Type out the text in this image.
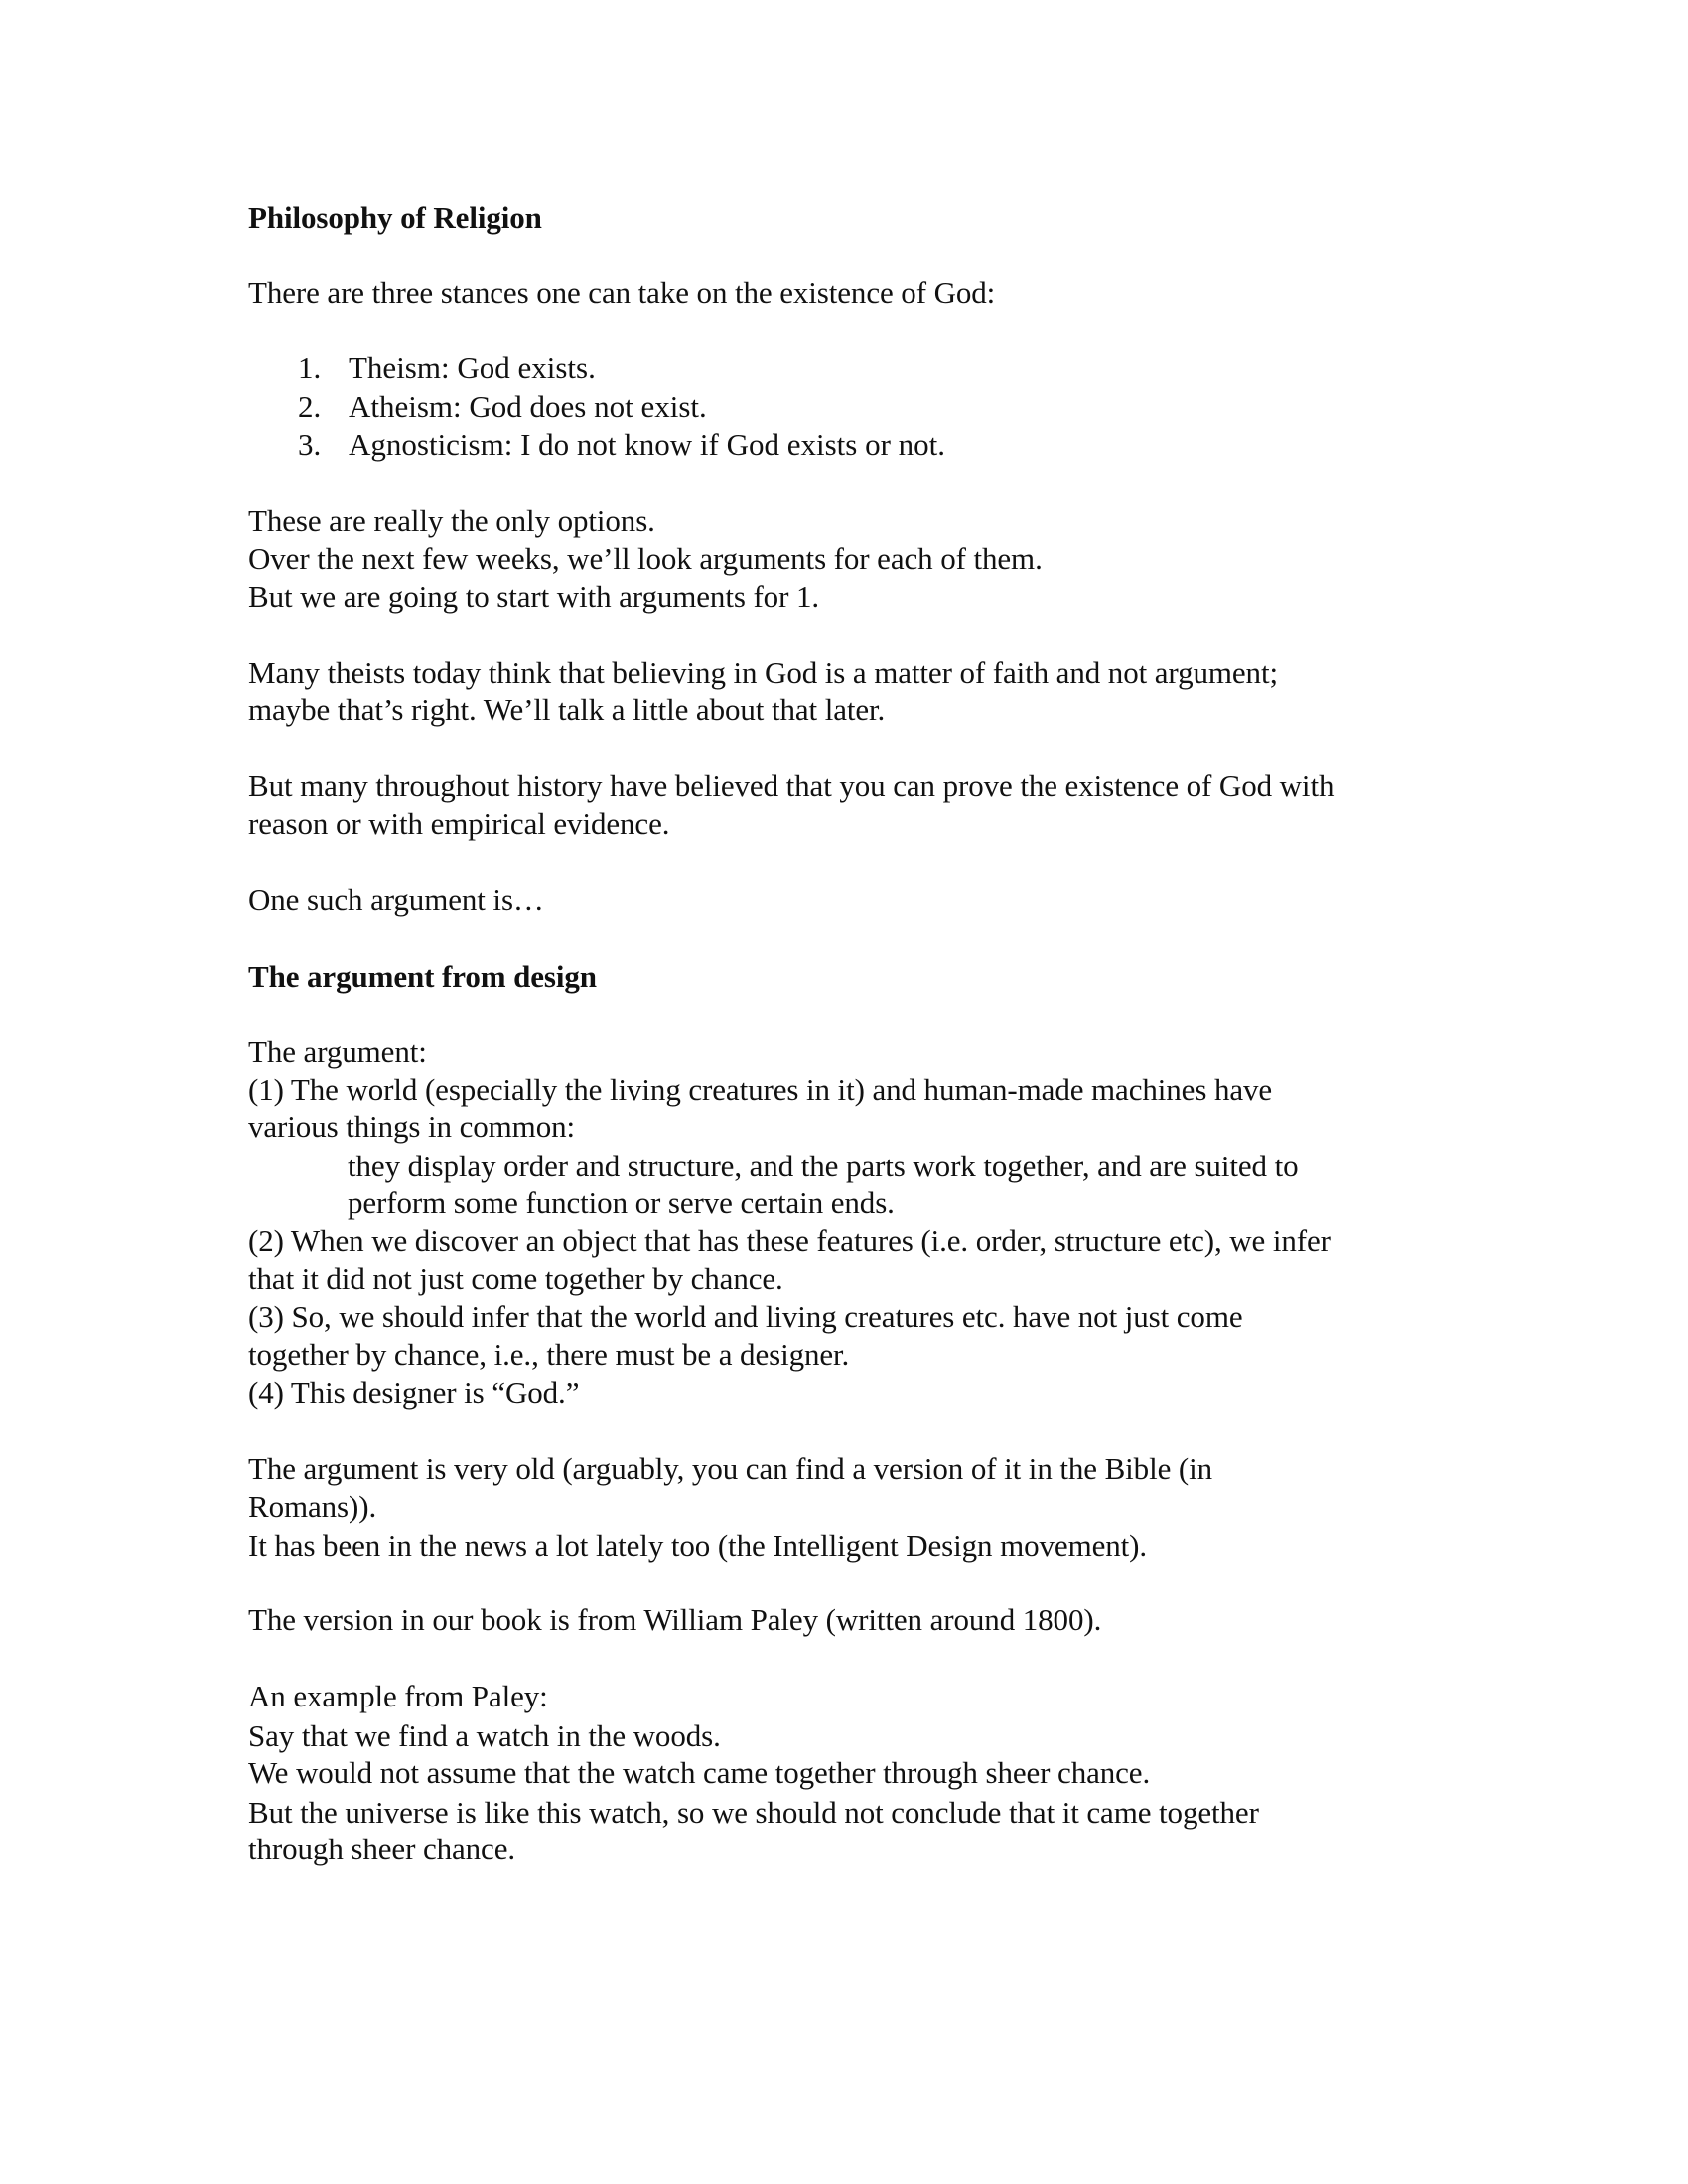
Philosophy of Religion
There are three stances one can take on the existence of God:
1. Theism: God exists.
2. Atheism: God does not exist.
3. Agnosticism: I do not know if God exists or not.
These are really the only options.
Over the next few weeks, we’ll look arguments for each of them.
But we are going to start with arguments for 1.
Many theists today think that believing in God is a matter of faith and not argument;
maybe that’s right. We’ll talk a little about that later.
But many throughout history have believed that you can prove the existence of God with
reason or with empirical evidence.
One such argument is…
The argument from design
The argument:
(1) The world (especially the living creatures in it) and human-made machines have
various things in common:
they display order and structure, and the parts work together, and are suited to
perform some function or serve certain ends.
(2) When we discover an object that has these features (i.e. order, structure etc), we infer
that it did not just come together by chance.
(3) So, we should infer that the world and living creatures etc. have not just come
together by chance, i.e., there must be a designer.
(4) This designer is “God.”
The argument is very old (arguably, you can find a version of it in the Bible (in
Romans)).
It has been in the news a lot lately too (the Intelligent Design movement).
The version in our book is from William Paley (written around 1800).
An example from Paley:
Say that we find a watch in the woods.
We would not assume that the watch came together through sheer chance.
But the universe is like this watch, so we should not conclude that it came together
through sheer chance.
